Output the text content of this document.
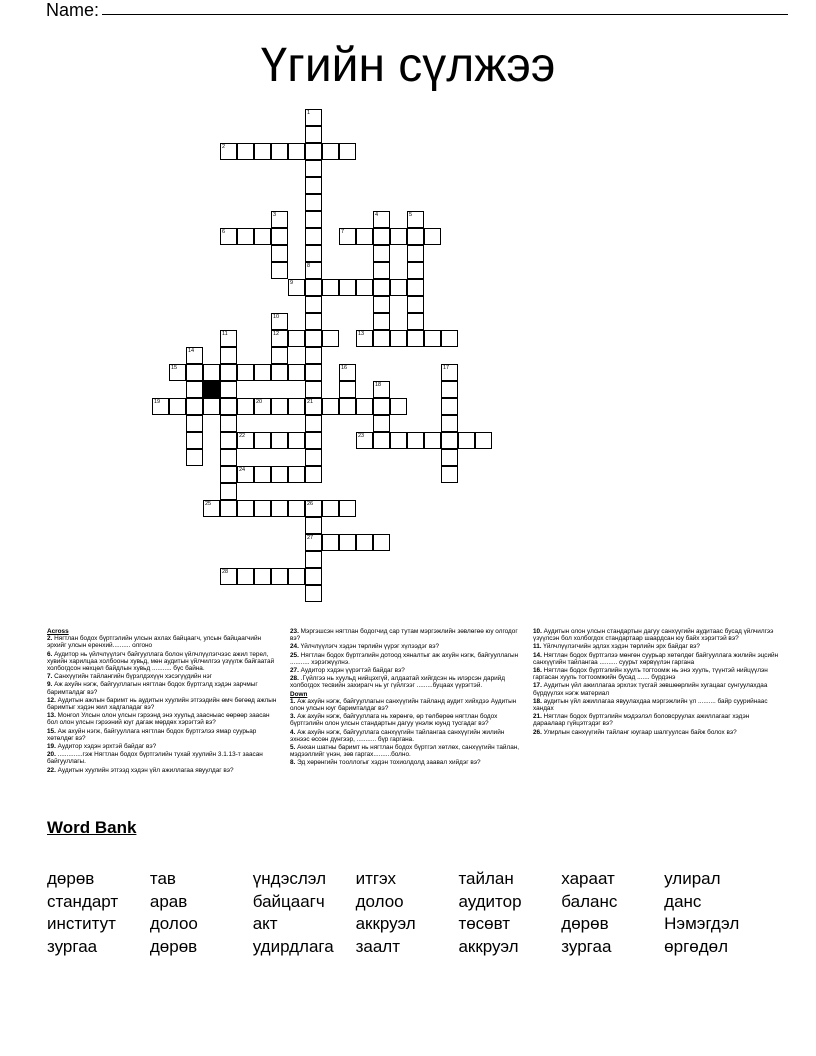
Name:
Үгийн сүлжээ
1
8
2
3	4	5
6	7
21
9
10
12
11	13
14
15	16	17
18
19	20
22	23
24
25	26
27
28

Across

2. Нягтлан бодох бүртгэлийн улсын ахлах байцаагч, улсын байцаагчийн эрхийг улсын еренхий.......... олгоно

6. Аудитор нь үйлчлүүлэгч байгууллага болон үйлчлүүлэгчээс ажил терел, хувийн харилцаа холбооны хувьд, мөн аудитын үйлчилгээ үзүүлж байгаатай холбогдсон нөхцөл байдлын хувьд ........... бүс байна.

7. Санхүүгийн тайлангийн бүрэлдэхүүн хэсэгүүдийн нэг

9. Аж ахуйн нэгж, байгууллагын нягтлан бодох бүртгэлд хэдэн зарчмыг баримталдаг вэ?

12. Аудитын ажлын баримт нь аудитын хуулийн этгээдийн өмч бөгөөд ажлын баримтыг хэдэн жил хадгаладаг вэ?

13. Монгол Улсын олон улсын гэрээнд энэ хуульд заасныас өөрөөр заасан бол олон улсын гэрээний юуг дагаж мөрдөх хэрэгтэй вэ?

15. Аж ахуйн нэгж, байгууллага нягтлан бодох бүртгэлээ ямар суурьар хөтөлдөг вэ?

19. Аудитор хэдэн эрхтэй байдаг вэ?

20. ..............гэж Нягтлан бодох бүртгэлийн тухай хуулийн 3.1.13-т заасан байгууллагы.

22. Аудитын хуулийн этгээд хэдэн үйл ажиллагаа явуулдаг вэ?

23. Мэргэшсэн нягтлан бодогчид сар тутам мэргэжлийн зөвлөгөө юу олгодог вэ?

24. Үйлчлүүлэгч хэдэн төрлийн үүрэг хүлээдэг вэ?

25. Нягтлан бодох бүртгэлийн дотоод хяналтыг аж ахуйн нэгж, байгууллагын ........... хэрэгжүүлнэ.

27. Аудитор хэдэн үүрэгтэй байдаг вэ?

28. .Гүйлгээ нь хуульд нийцэхгүй, алдаатай хийгдсэн нь илэрсэн дарийд холбогдох тесвийн захирагч нь уг гүйлгээг .........буцаах үүрэгтэй.

Down

1. Аж ахуйн нэгж, байгууллагын санхүүгийн тайланд аудит хийхдээ Аудитын олон улсын юуг баримталдаг вэ?

3. Аж ахуйн нэгж, байгууллага нь хөрөнгө, өр төлбөрөө нягтлан бодох бүртгэлийн олон улсын стандартын дагуу үнэлж юунд тусгадаг вэ?

4. Аж ахуйн нэгж, байгууллага санхүүгийн тайлангаа санхүүгийн жилийн эхнээс өссөн дүнгээр, ........... бүр гаргана.

5. Анхан шатны баримт нь нягтлан бодох бүртгэл хөтлөх, санхүүгийн тайлан, мэдээллийг үнэн, зөв гаргах..........болно.

8. Эд хөрөнгийн тооллогыг хэдэн тохиолдолд заавал хийдэг вэ?

10. Аудитын олон улсын стандартын дагуу санхүүгийн аудитаас бусад үйлчилгээ үзүүлсэн бол холбогдох стандартаар шаардсан юу байх хэрэгтэй вэ?

11. Үйлчлүүлэгчийн эдлэх хэдэн төрлийн эрх байдаг вэ?

14. Нягтлан бодох бүртгэлээ мөнгөн суурьар хөтөлдөг байгууллага жилийн эцсийн санхүүгийн тайлангаа .......... суурьт хөрвүүлэн гаргана

16. Нягтлан бодох бүртгэлийн хуулъ тогтоомж нь энэ хууль, түүнтэй нийцүүлэн гаргасан хууль тогтоомжийн бусад ....... бүрдэнэ

17. Аудитын үйл ажиллагаа эрхлэх тусгай зөвшөөрлийн хугацааг сунгуулахдаа бүрдүүлэх нэгж материал

18. аудитын үйл ажиллагаа явуулахдаа мэргэжлийн үл .......... байр суурийнаас хандах

21. Нягтлан бодох бүртгэлийн мэдээлэл боловсруулах ажиллагааг хэдэн дараалаар гүйцэтгэдэг вэ?

26. Улирлын санхүүгийн тайланг юугаар шалгуулсан байж болох вэ?

Word Bank
дөрөв	тав	үндэслэл	итгэх	тайлан	хараат	улирал
стандарт	арав	байцаагч	долоо	аудитор	баланс	данс
институт	долоо	акт	аккруэл	төсөвт	дөрөв	Нэмэгдэл
зургаа	дөрөв	удирдлага	заалт	аккруэл	зургаа	өргөдөл
